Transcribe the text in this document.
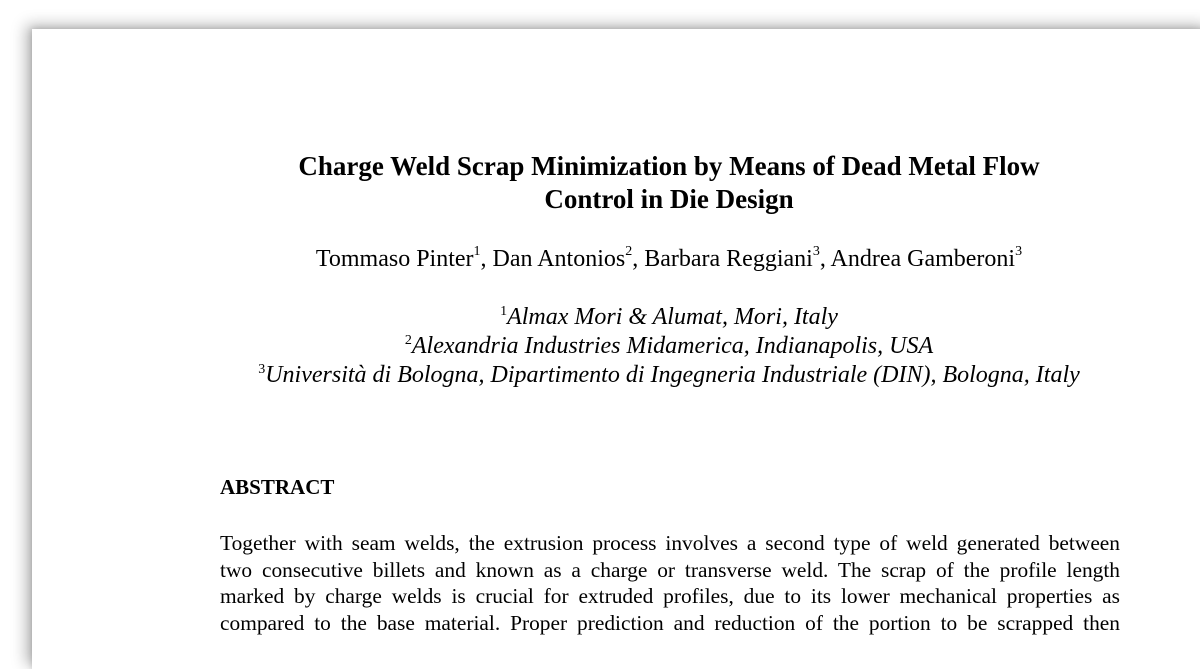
Charge Weld Scrap Minimization by Means of Dead Metal Flow
Control in Die Design
Tommaso Pinter$^1$, Dan Antonios$^2$, Barbara Reggiani$^3$, Andrea Gamberoni$^3$
$^1$Almax Mori & Alumat, Mori, Italy
$^2$Alexandria Industries Midamerica, Indianapolis, USA
$^3$Università di Bologna, Dipartimento di Ingegneria Industriale (DIN), Bologna, Italy
ABSTRACT
Together with seam welds, the extrusion process involves a second type of weld generated between
two consecutive billets and known as a charge or transverse weld. The scrap of the profile length
marked by charge welds is crucial for extruded profiles, due to its lower mechanical properties as
compared to the base material. Proper prediction and reduction of the portion to be scrapped then
